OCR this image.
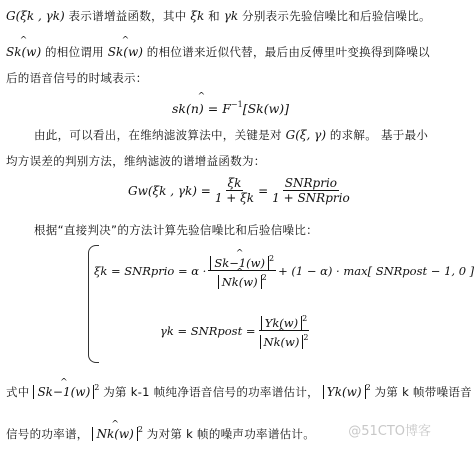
G(ξk , γk) 表示谱增益函数，其中 ξk 和 γk 分别表示先验信噪比和后验信噪比。
^ Sk(w) 的相位谓用 ^ Sk(w) 的相位谱来近似代替，最后由反傅里叶变换得到降噪以
后的语音信号的时域表示：
^ $sk(n) = F^{-1}[Sk(w)]$
由此，可以看出，在维纳滤波算法中，关键是对 G(ξ, γ) 的求解。 基于最小
均方误差的判别方法，维纳滤波的谱增益函数为：
Gw(ξk , $\gamma k) = \frac{\xi k}{1 + \xi k} = \frac{\text{SNRprio}}{\text{1 + SNRprio}}$
根据“直接判决”的方法计算先验信噪比和后验信噪比：
ξk = SNRprio = α · ^ Sk−1(w) $^2$
^ Nk(w) $^2$ + (1 − α) · max[ SNRpost − 1, 0 ]
γk = SNRpost = Yk(w) $^2$
^ Nk(w) $^2$
式中 ^ Sk−1(w) $^2$ 为第 k-1 帧纯净语音信号的功率谱估计， Yk(w) $^2$ 为第 k 帧带噪语音
信号的功率谱， ^ Nk(w) $^2$ 为对第 k 帧的噪声功率谱估计。	@51CTO博客
